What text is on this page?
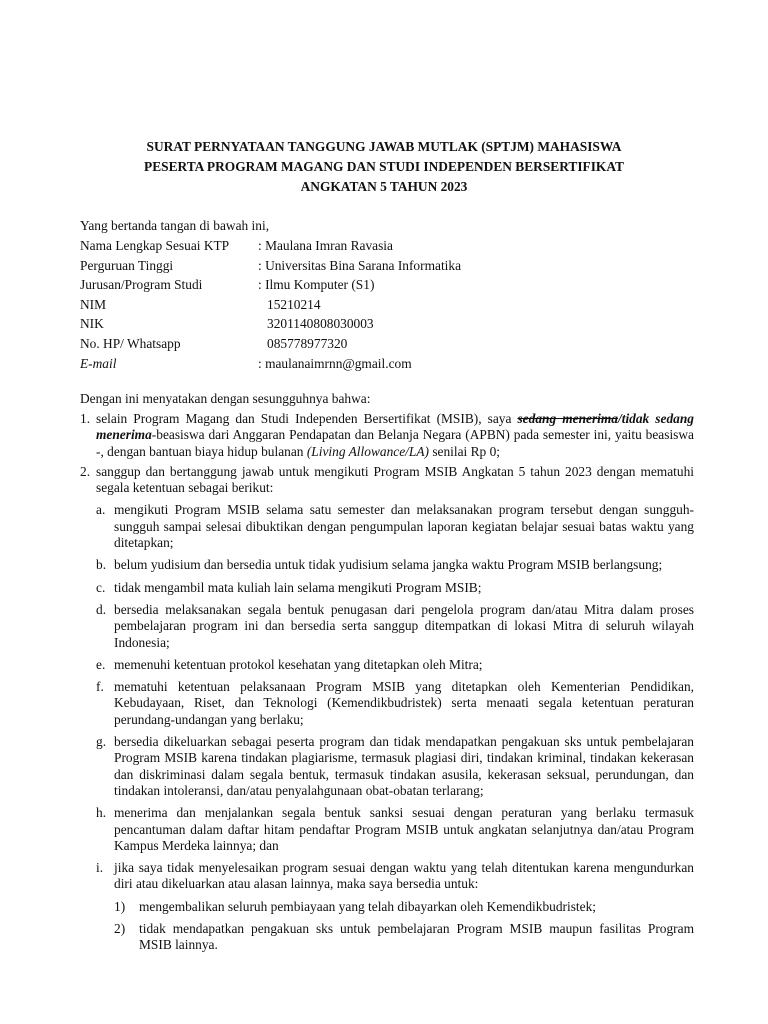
SURAT PERNYATAAN TANGGUNG JAWAB MUTLAK (SPTJM) MAHASISWA
PESERTA PROGRAM MAGANG DAN STUDI INDEPENDEN BERSERTIFIKAT
ANGKATAN 5 TAHUN 2023
Yang bertanda tangan di bawah ini,
Nama Lengkap Sesuai KTP : Maulana Imran Ravasia
Perguruan Tinggi	: Universitas Bina Sarana Informatika
Jurusan/Program Studi	: Ilmu Komputer (S1)
NIM	15210214
NIK	3201140808030003
No. HP/ Whatsapp	085778977320
E-mail	: maulanaimrnn@gmail.com
Dengan ini menyatakan dengan sesungguhnya bahwa:
1. selain Program Magang dan Studi Independen Bersertifikat (MSIB), saya sedang menerima/tidak sedang menerima-beasiswa dari Anggaran Pendapatan dan Belanja Negara (APBN) pada semester ini, yaitu beasiswa -, dengan bantuan biaya hidup bulanan (Living Allowance/LA) senilai Rp 0;
2. sanggup dan bertanggung jawab untuk mengikuti Program MSIB Angkatan 5 tahun 2023 dengan mematuhi segala ketentuan sebagai berikut:
a. mengikuti Program MSIB selama satu semester dan melaksanakan program tersebut dengan sungguh-sungguh sampai selesai dibuktikan dengan pengumpulan laporan kegiatan belajar sesuai batas waktu yang ditetapkan;
b. belum yudisium dan bersedia untuk tidak yudisium selama jangka waktu Program MSIB berlangsung;
c. tidak mengambil mata kuliah lain selama mengikuti Program MSIB;
d. bersedia melaksanakan segala bentuk penugasan dari pengelola program dan/atau Mitra dalam proses pembelajaran program ini dan bersedia serta sanggup ditempatkan di lokasi Mitra di seluruh wilayah Indonesia;
e. memenuhi ketentuan protokol kesehatan yang ditetapkan oleh Mitra;
f. mematuhi ketentuan pelaksanaan Program MSIB yang ditetapkan oleh Kementerian Pendidikan, Kebudayaan, Riset, dan Teknologi (Kemendikbudristek) serta menaati segala ketentuan peraturan perundang-undangan yang berlaku;
g. bersedia dikeluarkan sebagai peserta program dan tidak mendapatkan pengakuan sks untuk pembelajaran Program MSIB karena tindakan plagiarisme, termasuk plagiasi diri, tindakan kriminal, tindakan kekerasan dan diskriminasi dalam segala bentuk, termasuk tindakan asusila, kekerasan seksual, perundungan, dan tindakan intoleransi, dan/atau penyalahgunaan obat-obatan terlarang;
h. menerima dan menjalankan segala bentuk sanksi sesuai dengan peraturan yang berlaku termasuk pencantuman dalam daftar hitam pendaftar Program MSIB untuk angkatan selanjutnya dan/atau Program Kampus Merdeka lainnya; dan
i. jika saya tidak menyelesaikan program sesuai dengan waktu yang telah ditentukan karena mengundurkan diri atau dikeluarkan atau alasan lainnya, maka saya bersedia untuk:
1) mengembalikan seluruh pembiayaan yang telah dibayarkan oleh Kemendikbudristek;
2) tidak mendapatkan pengakuan sks untuk pembelajaran Program MSIB maupun fasilitas Program MSIB lainnya.
